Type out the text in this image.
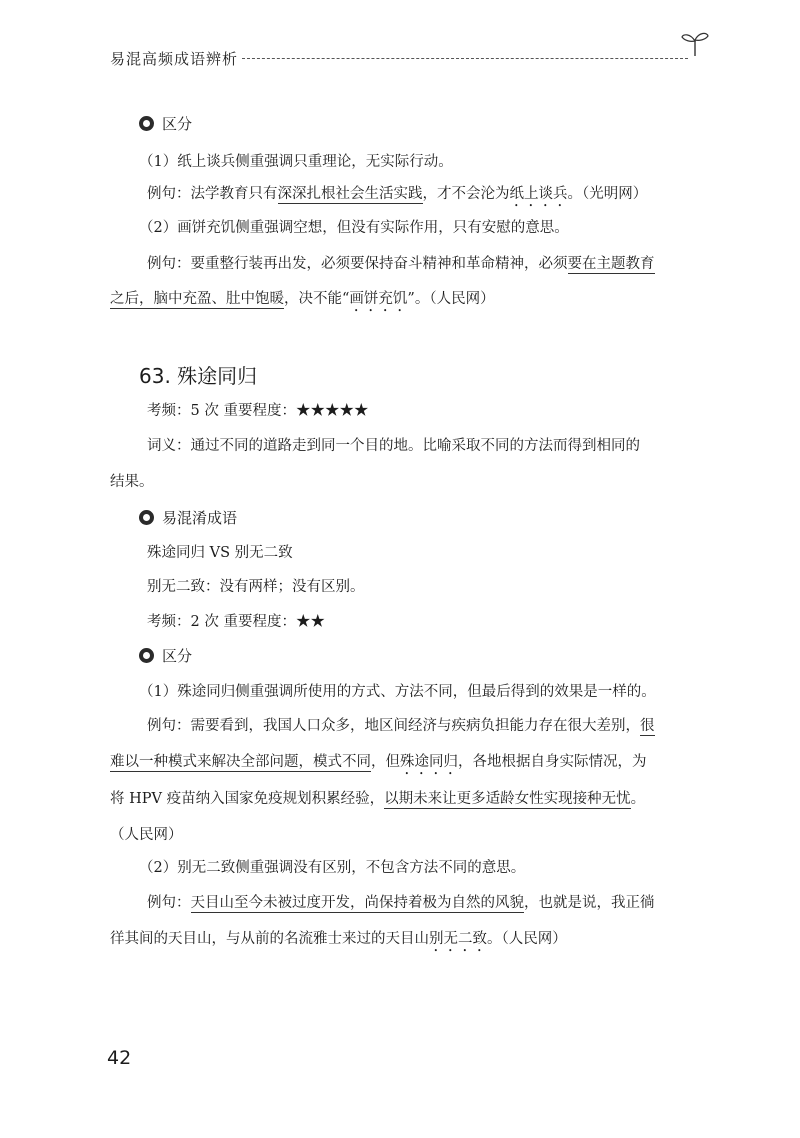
易混高频成语辨析
区分
（1）纸上谈兵侧重强调只重理论，无实际行动。
例句：法学教育只有深深扎根社会生活实践，才不会沦为纸上谈兵。（光明网）
（2）画饼充饥侧重强调空想，但没有实际作用，只有安慰的意思。
例句：要重整行装再出发，必须要保持奋斗精神和革命精神，必须要在主题教育
之后，脑中充盈、肚中饱暖，决不能“画饼充饥”。（人民网）
63. 殊途同归
考频：5 次 重要程度：★★★★★
词义：通过不同的道路走到同一个目的地。比喻采取不同的方法而得到相同的
结果。
易混淆成语
殊途同归 VS 别无二致
别无二致：没有两样；没有区别。
考频：2 次 重要程度：★★
区分
（1）殊途同归侧重强调所使用的方式、方法不同，但最后得到的效果是一样的。
例句：需要看到，我国人口众多，地区间经济与疾病负担能力存在很大差别，很
难以一种模式来解决全部问题，模式不同，但殊途同归，各地根据自身实际情况，为
将 HPV 疫苗纳入国家免疫规划积累经验，以期未来让更多适龄女性实现接种无忧。
（人民网）
（2）别无二致侧重强调没有区别，不包含方法不同的意思。
例句：天目山至今未被过度开发，尚保持着极为自然的风貌，也就是说，我正徜
徉其间的天目山，与从前的名流雅士来过的天目山别无二致。（人民网）
42
